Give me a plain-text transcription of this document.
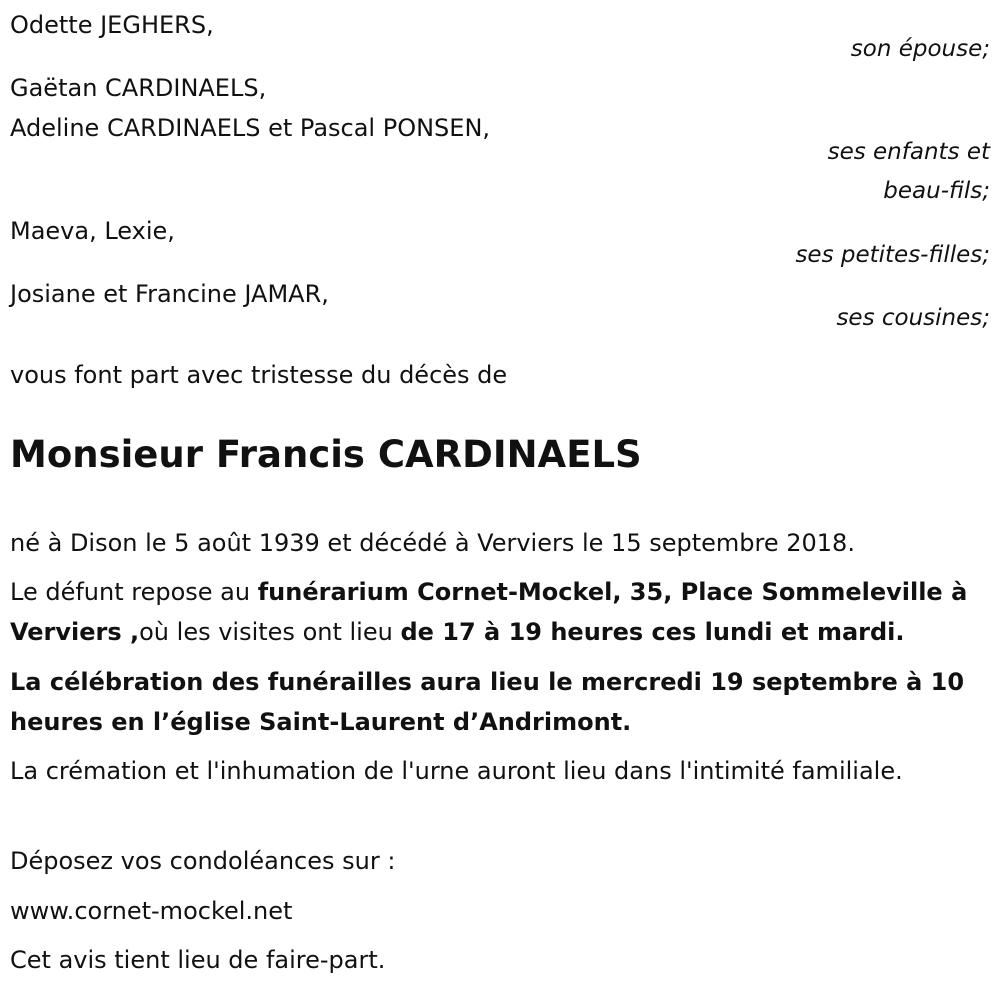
Odette JEGHERS,
son épouse;
Gaëtan CARDINAELS,
Adeline CARDINAELS et Pascal PONSEN,
ses enfants et
beau-fils;
Maeva, Lexie,
ses petites-filles;
Josiane et Francine JAMAR,
ses cousines;
vous font part avec tristesse du décès de
Monsieur Francis CARDINAELS
né à Dison le 5 août 1939 et décédé à Verviers le 15 septembre 2018.
Le défunt repose au funérarium Cornet-Mockel, 35, Place Sommeleville à Verviers ,où les visites ont lieu de 17 à 19 heures ces lundi et mardi.
La célébration des funérailles aura lieu le mercredi 19 septembre à 10 heures en l’église Saint-Laurent d’Andrimont.
La crémation et l'inhumation de l'urne auront lieu dans l'intimité familiale.
Déposez vos condoléances sur :
www.cornet-mockel.net
Cet avis tient lieu de faire-part.
